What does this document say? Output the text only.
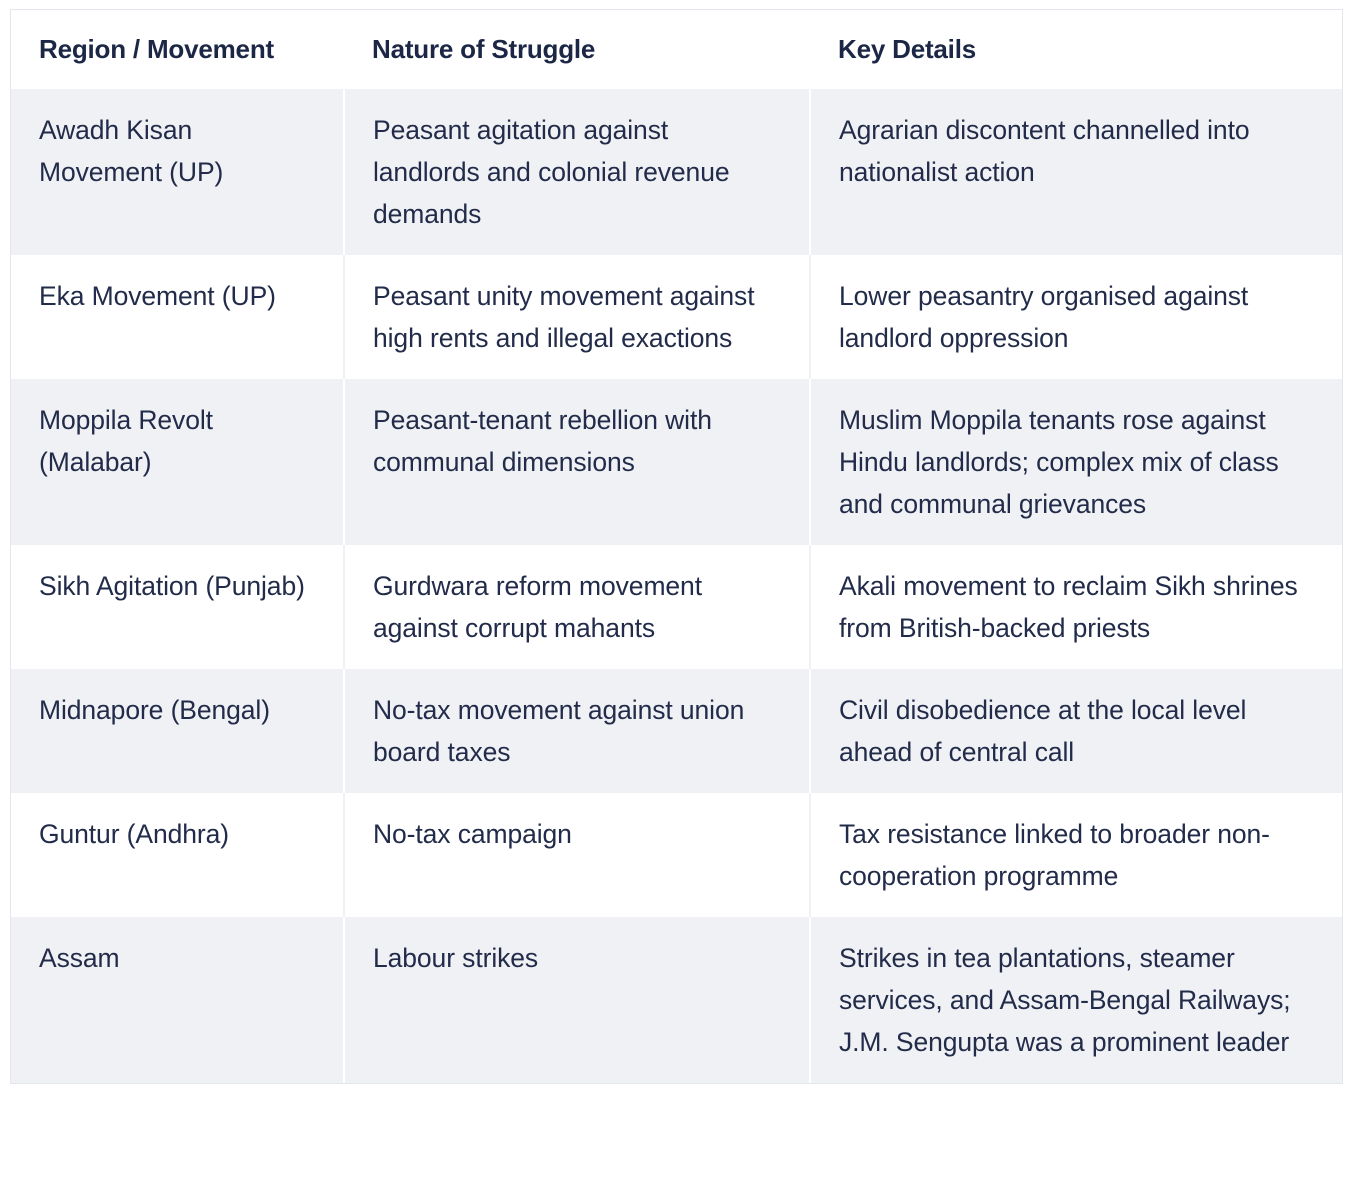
Region / Movement	Nature of Struggle	Key Details
Awadh Kisan Movement (UP)	Peasant agitation against landlords and colonial revenue demands	Agrarian discontent channelled into nationalist action
Eka Movement (UP)	Peasant unity movement against high rents and illegal exactions	Lower peasantry organised against landlord oppression
Moppila Revolt (Malabar)	Peasant-tenant rebellion with communal dimensions	Muslim Moppila tenants rose against Hindu landlords; complex mix of class and communal grievances
Sikh Agitation (Punjab)	Gurdwara reform movement against corrupt mahants	Akali movement to reclaim Sikh shrines from British-backed priests
Midnapore (Bengal)	No-tax movement against union board taxes	Civil disobedience at the local level ahead of central call
Guntur (Andhra)	No-tax campaign	Tax resistance linked to broader non-cooperation programme
Assam	Labour strikes	Strikes in tea plantations, steamer services, and Assam-Bengal Railways; J.M. Sengupta was a prominent leader
